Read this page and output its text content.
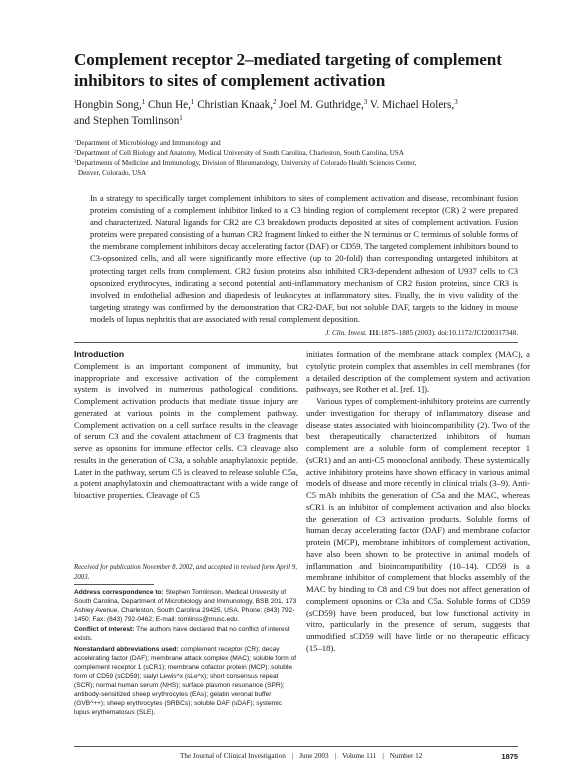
Complement receptor 2–mediated targeting of complement inhibitors to sites of complement activation

Hongbin Song,$^1$ Chun He,$^1$ Christian Knaak,$^2$ Joel M. Guthridge,$^3$ V. Michael Holers,$^3$
and Stephen Tomlinson$^1$

$^1$Department of Microbiology and Immunology and
$^2$Department of Cell Biology and Anatomy, Medical University of South Carolina, Charleston, South Carolina, USA
$^3$Departments of Medicine and Immunology, Division of Rheumatology, University of Colorado Health Sciences Center,
Denver, Colorado, USA

In a strategy to specifically target complement inhibitors to sites of complement activation and disease, recombinant fusion proteins consisting of a complement inhibitor linked to a C3 binding region of complement receptor (CR) 2 were prepared and characterized. Natural ligands for CR2 are C3 breakdown products deposited at sites of complement activation. Fusion proteins were prepared consisting of a human CR2 fragment linked to either the N terminus or C terminus of soluble forms of the membrane complement inhibitors decay accelerating factor (DAF) or CD59. The targeted complement inhibitors bound to C3-opsonized cells, and all were significantly more effective (up to 20-fold) than corresponding untargeted inhibitors at protecting target cells from complement. CR2 fusion proteins also inhibited CR3-dependent adhesion of U937 cells to C3 opsonized erythrocytes, indicating a second potential anti-inflammatory mechanism of CR2 fusion proteins, since CR3 is involved in endothelial adhesion and diapedesis of leukocytes at inflammatory sites. Finally, the in vivo validity of the targeting strategy was confirmed by the demonstration that CR2-DAF, but not soluble DAF, targets to the kidney in mouse models of lupus nephritis that are associated with renal complement deposition.

J. Clin. Invest. 111:1875–1885 (2003). doi:10.1172/JCI200317348.

Introduction

Complement is an important component of immunity, but inappropriate and excessive activation of the complement system is involved in numerous pathological conditions. Complement activation products that mediate tissue injury are generated at various points in the complement pathway. Complement activation on a cell surface results in the cleavage of serum C3 and the covalent attachment of C3 fragments that serve as opsonins for immune effector cells. C3 cleavage also results in the generation of C3a, a soluble anaphylatoxic peptide. Later in the pathway, serum C5 is cleaved to release soluble C5a, a potent anaphylatoxin and chemoattractant with a wide range of bioactive properties. Cleavage of C5

Received for publication November 8, 2002, and accepted in revised form April 9, 2003.

Address correspondence to: Stephen Tomlinson, Medical University of South Carolina, Department of Microbiology and Immunology, BSB 201, 173 Ashley Avenue, Charleston, South Carolina 29425, USA. Phone: (843) 792-1450; Fax: (843) 792-0462; E-mail: tomlinss@musc.edu.

Conflict of interest: The authors have declared that no conflict of interest exists.

Nonstandard abbreviations used: complement receptor (CR); decay accelerating factor (DAF); membrane attack complex (MAC); soluble form of complement receptor 1 (sCR1); membrane cofactor protein (MCP); soluble form of CD59 (sCD59); sialyl Lewis^x (sLe^x); short consensus repeat (SCR); normal human serum (NHS); surface plasmon resonance (SPR); antibody-sensitized sheep erythrocytes (EAs); gelatin veronal buffer (GVB^++); sheep erythrocytes (SRBCs); soluble DAF (sDAF); systemic lupus erythematosus (SLE).

initiates formation of the membrane attack complex (MAC), a cytolytic protein complex that assembles in cell membranes (for a detailed description of the complement system and activation pathways, see Rother et al. [ref. 1]).

Various types of complement-inhibitory proteins are currently under investigation for therapy of inflammatory disease and disease states associated with bioincompatibility (2). Two of the best therapeutically characterized inhibitors of human complement are a soluble form of complement receptor 1 (sCR1) and an anti-C5 monoclonal antibody. These systemically active inhibitory proteins have shown efficacy in various animal models of disease and more recently in clinical trials (3–9). Anti-C5 mAb inhibits the generation of C5a and the MAC, whereas sCR1 is an inhibitor of complement activation and also blocks the generation of C3 activation products. Soluble forms of human decay accelerating factor (DAF) and membrane cofactor protein (MCP), membrane inhibitors of complement activation, have also been shown to be protective in animal models of inflammation and bioincompatibility (10–14). CD59 is a membrane inhibitor of complement that blocks assembly of the MAC by binding to C8 and C9 but does not affect generation of complement opsonins or C3a and C5a. Soluble forms of CD59 (sCD59) have been produced, but low functional activity in vitro, particularly in the presence of serum, suggests that unmodified sCD59 will have little or no therapeutic efficacy (15–18).

The Journal of Clinical Investigation | June 2003 | Volume 111 | Number 12	1875
